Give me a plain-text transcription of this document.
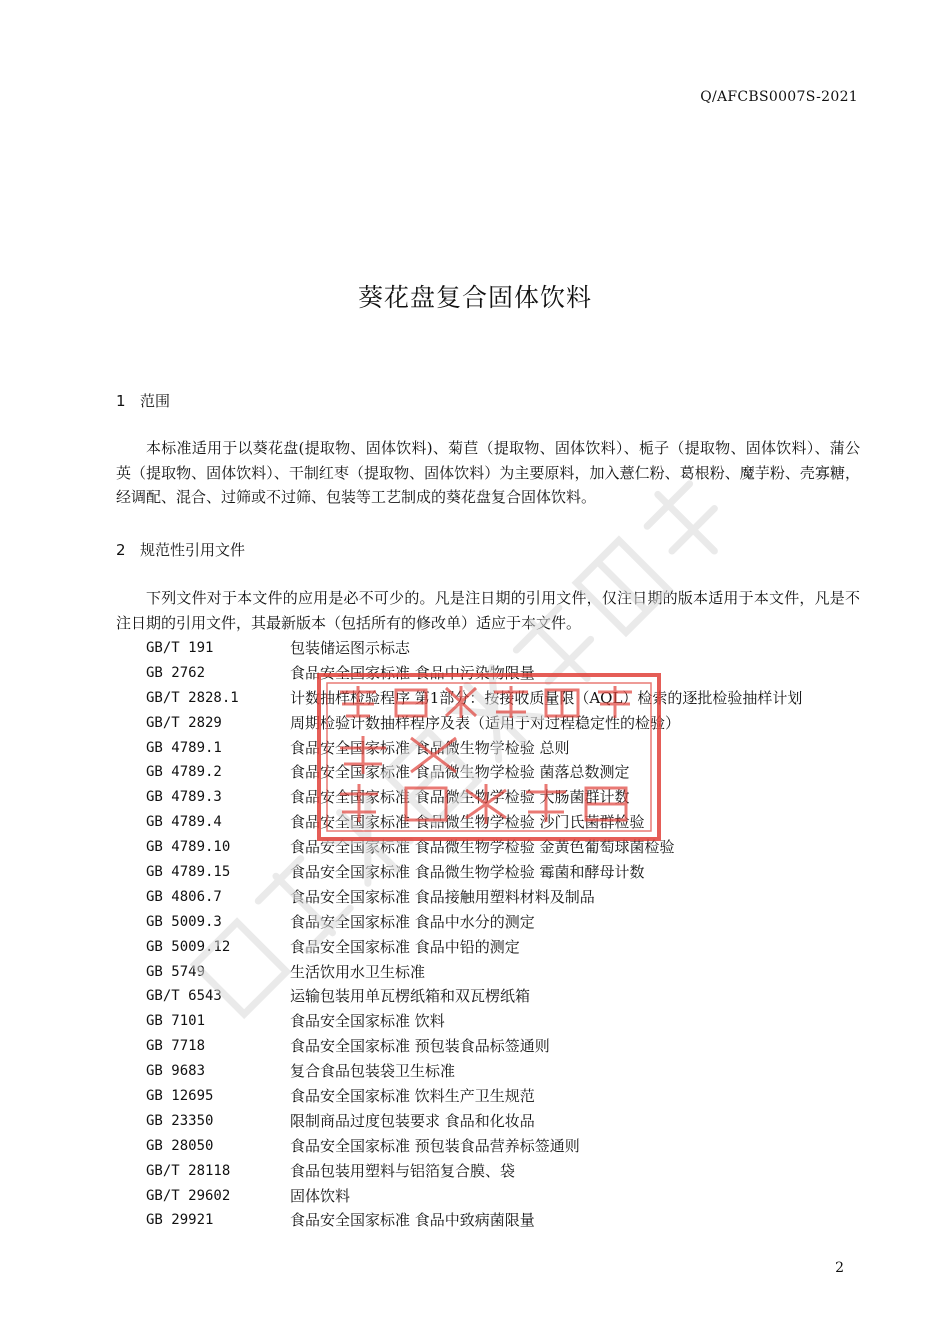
Q/AFCBS0007S-2021
葵花盘复合固体饮料
1 范围
本标准适用于以葵花盘(提取物、固体饮料)、菊苣（提取物、固体饮料）、栀子（提取物、固体饮料）、蒲公英（提取物、固体饮料）、干制红枣（提取物、固体饮料）为主要原料，加入薏仁粉、葛根粉、魔芋粉、壳寡糖，经调配、混合、过筛或不过筛、包装等工艺制成的葵花盘复合固体饮料。
2 规范性引用文件
下列文件对于本文件的应用是必不可少的。凡是注日期的引用文件，仅注日期的版本适用于本文件，凡是不注日期的引用文件，其最新版本（包括所有的修改单）适应于本文件。
GB/T 191	包装储运图示标志
GB 2762	食品安全国家标准 食品中污染物限量
GB/T 2828.1	计数抽样检验程序 第1部分：按接收质量限（AQL）检索的逐批检验抽样计划
GB/T 2829	周期检验计数抽样程序及表（适用于对过程稳定性的检验）
GB 4789.1	食品安全国家标准 食品微生物学检验 总则
GB 4789.2	食品安全国家标准 食品微生物学检验 菌落总数测定
GB 4789.3	食品安全国家标准 食品微生物学检验 大肠菌群计数
GB 4789.4	食品安全国家标准 食品微生物学检验 沙门氏菌群检验
GB 4789.10	食品安全国家标准 食品微生物学检验 金黄色葡萄球菌检验
GB 4789.15	食品安全国家标准 食品微生物学检验 霉菌和酵母计数
GB 4806.7	食品安全国家标准 食品接触用塑料材料及制品
GB 5009.3	食品安全国家标准 食品中水分的测定
GB 5009.12	食品安全国家标准 食品中铅的测定
GB 5749	生活饮用水卫生标准
GB/T 6543	运输包装用单瓦楞纸箱和双瓦楞纸箱
GB 7101	食品安全国家标准 饮料
GB 7718	食品安全国家标准 预包装食品标签通则
GB 9683	复合食品包装袋卫生标准
GB 12695	食品安全国家标准 饮料生产卫生规范
GB 23350	限制商品过度包装要求 食品和化妆品
GB 28050	食品安全国家标准 预包装食品营养标签通则
GB/T 28118	食品包装用塑料与铝箔复合膜、袋
GB/T 29602	固体饮料
GB 29921	食品安全国家标准 食品中致病菌限量
2
